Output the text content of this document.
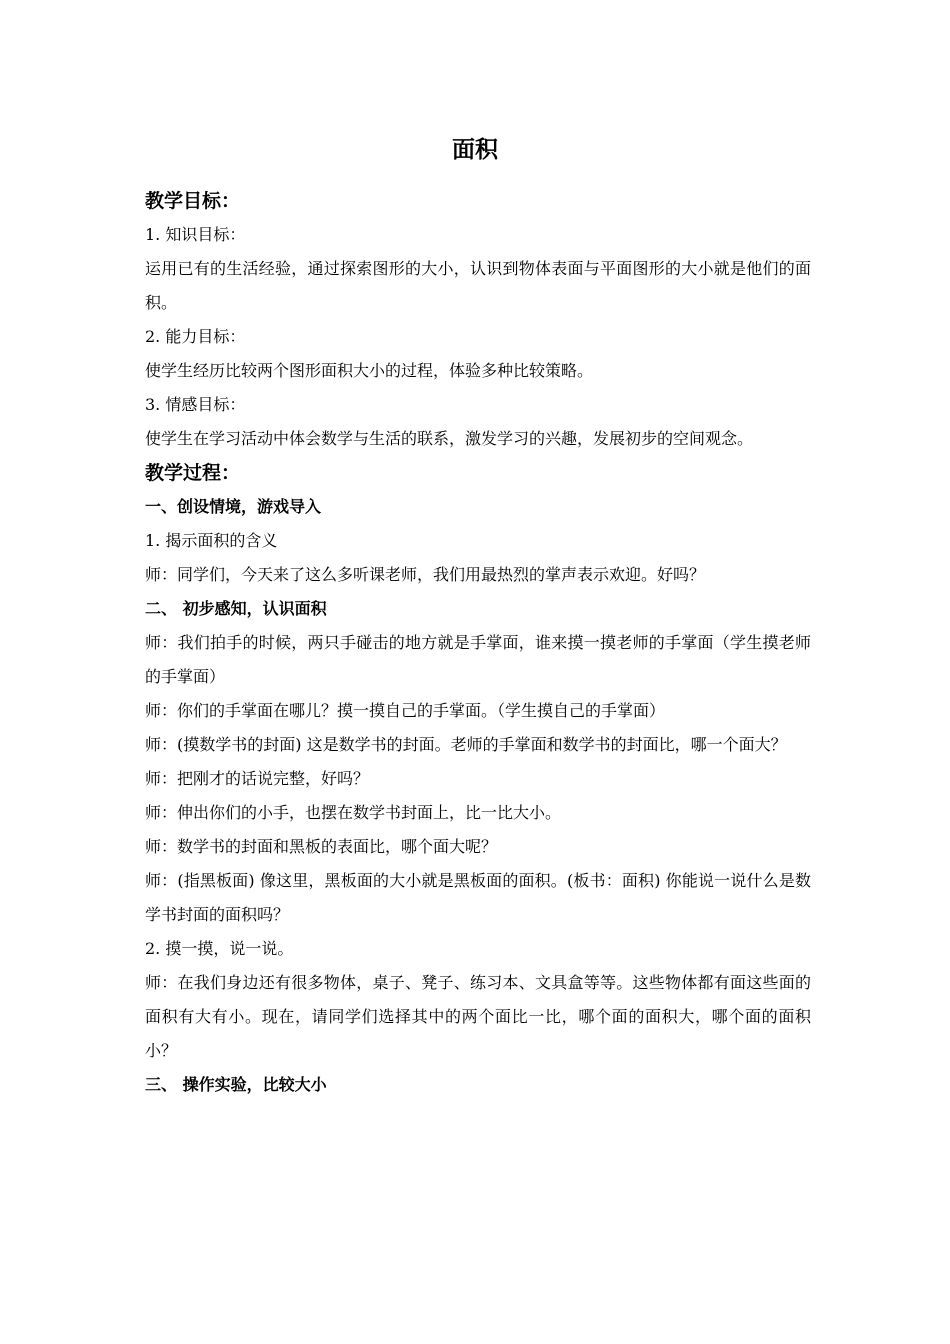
面积
教学目标：

1. 知识目标：

运用已有的生活经验，通过探索图形的大小，认识到物体表面与平面图形的大小就是他们的面积。

2. 能力目标：

使学生经历比较两个图形面积大小的过程，体验多种比较策略。

3. 情感目标：

使学生在学习活动中体会数学与生活的联系，激发学习的兴趣，发展初步的空间观念。

教学过程：
一、创设情境，游戏导入

1. 揭示面积的含义

师：同学们，今天来了这么多听课老师，我们用最热烈的掌声表示欢迎。好吗？

二、 初步感知，认识面积

师：我们拍手的时候，两只手碰击的地方就是手掌面，谁来摸一摸老师的手掌面（学生摸老师的手掌面）

师：你们的手掌面在哪儿？摸一摸自己的手掌面。（学生摸自己的手掌面）

师：(摸数学书的封面) 这是数学书的封面。老师的手掌面和数学书的封面比，哪一个面大？

师：把刚才的话说完整，好吗？

师：伸出你们的小手，也摆在数学书封面上，比一比大小。

师：数学书的封面和黑板的表面比，哪个面大呢？

师：(指黑板面) 像这里，黑板面的大小就是黑板面的面积。(板书：面积) 你能说一说什么是数学书封面的面积吗？

2. 摸一摸，说一说。

师：在我们身边还有很多物体，桌子、凳子、练习本、文具盒等等。这些物体都有面这些面的面积有大有小。现在，请同学们选择其中的两个面比一比，哪个面的面积大，哪个面的面积小？

三、 操作实验，比较大小
